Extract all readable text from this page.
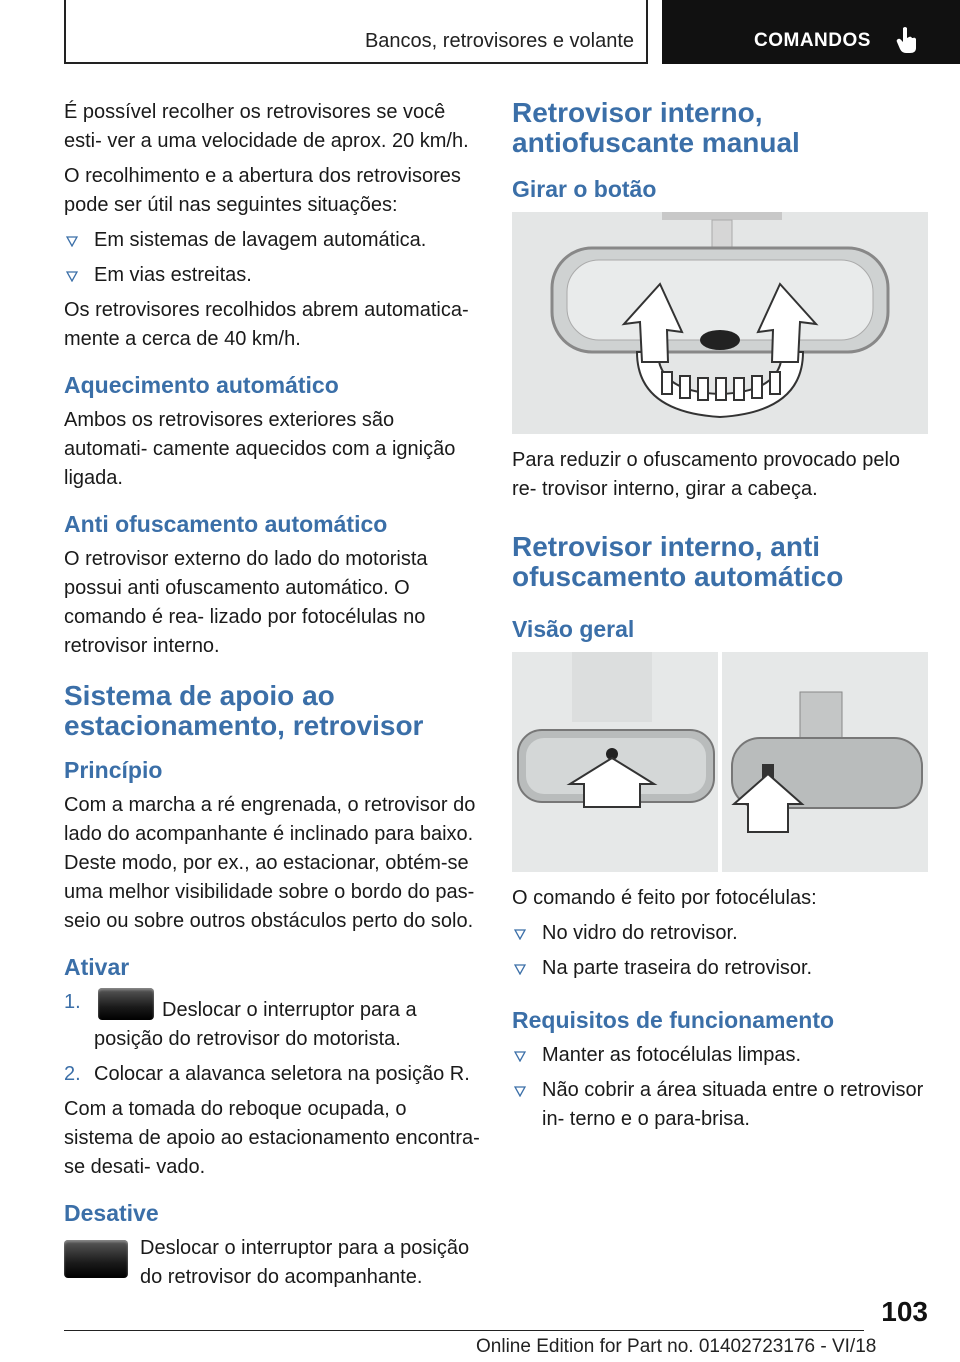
Bancos, retrovisores e volante	COMANDOS

É possível recolher os retrovisores se você esti- ver a uma velocidade de aprox. 20 km/h.

O recolhimento e a abertura dos retrovisores pode ser útil nas seguintes situações:

Em sistemas de lavagem automática.
Em vias estreitas.

Os retrovisores recolhidos abrem automatica- mente a cerca de 40 km/h.

Aquecimento automático

Ambos os retrovisores exteriores são automati- camente aquecidos com a ignição ligada.

Anti ofuscamento automático

O retrovisor externo do lado do motorista possui anti ofuscamento automático. O comando é rea- lizado por fotocélulas no retrovisor interno.

Sistema de apoio ao estacionamento, retrovisor
Princípio

Com a marcha a ré engrenada, o retrovisor do lado do acompanhante é inclinado para baixo. Deste modo, por ex., ao estacionar, obtém-se uma melhor visibilidade sobre o bordo do pas- seio ou sobre outros obstáculos perto do solo.

Ativar
1.	Deslocar o interruptor para a posição do retrovisor do motorista.
2. Colocar a alavanca seletora na posição R.

Com a tomada do reboque ocupada, o sistema de apoio ao estacionamento encontra-se desati- vado.

Desative

Deslocar o interruptor para a posição do retrovisor do acompanhante.

Retrovisor interno, antiofuscante manual
Girar o botão

Para reduzir o ofuscamento provocado pelo re- trovisor interno, girar a cabeça.

Retrovisor interno, anti ofuscamento automático
Visão geral

O comando é feito por fotocélulas:

No vidro do retrovisor.
Na parte traseira do retrovisor.
Requisitos de funcionamento
Manter as fotocélulas limpas.
Não cobrir a área situada entre o retrovisor in- terno e o para-brisa.
103
Online Edition for Part no. 01402723176 - VI/18
